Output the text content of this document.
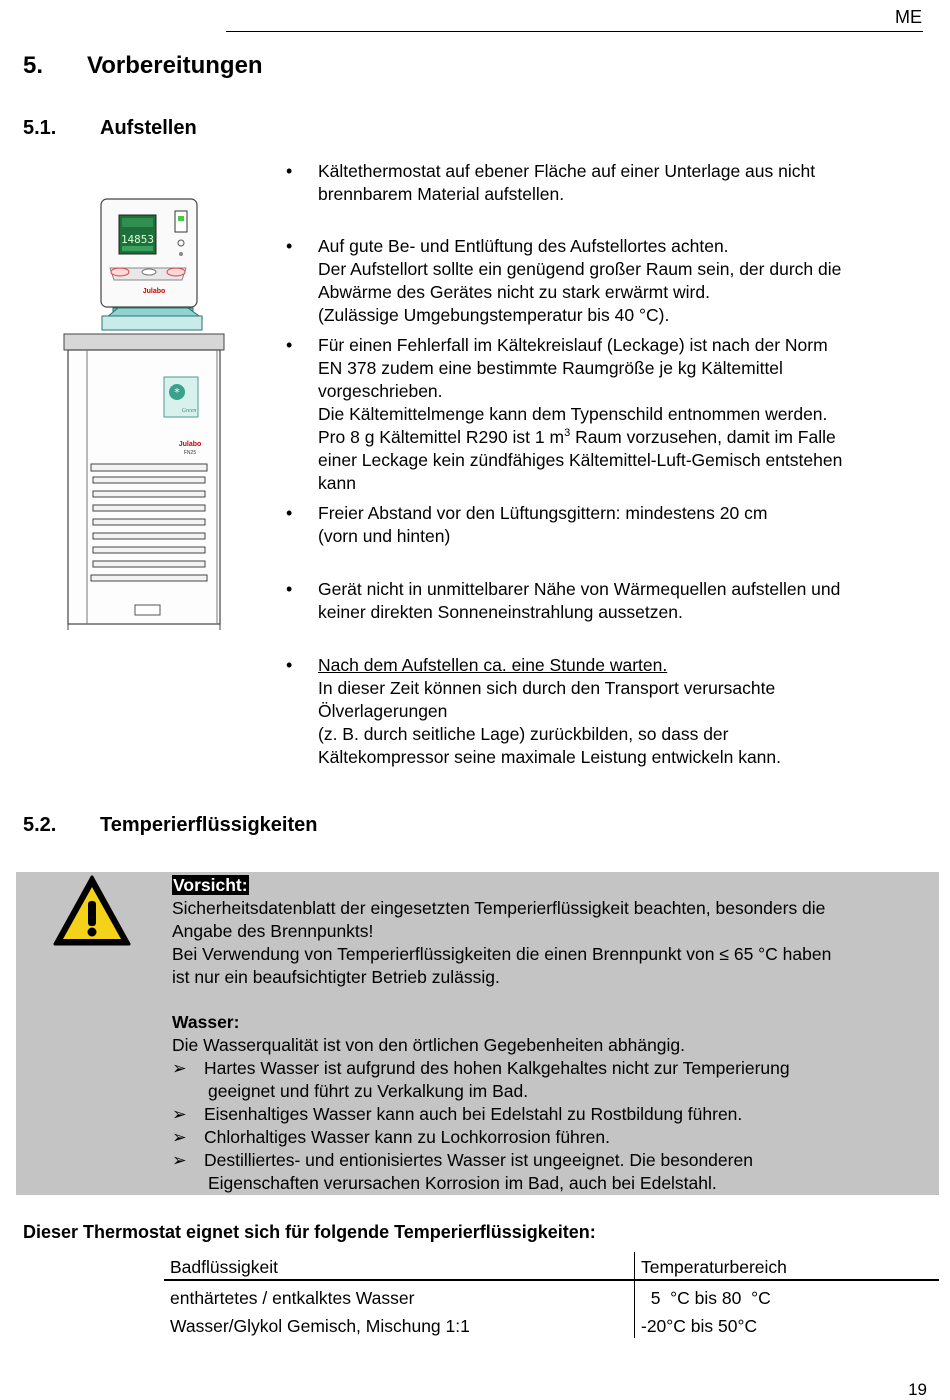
ME
5. Vorbereitungen
5.1. Aufstellen
14853
Julabo
*
Green
Julabo
FN25
• Kältethermostat auf ebener Fläche auf einer Unterlage aus nicht
brennbarem Material aufstellen.
• Auf gute Be- und Entlüftung des Aufstellortes achten.
Der Aufstellort sollte ein genügend großer Raum sein, der durch die
Abwärme des Gerätes nicht zu stark erwärmt wird.
(Zulässige Umgebungstemperatur bis 40 °C).
• Für einen Fehlerfall im Kältekreislauf (Leckage) ist nach der Norm
EN 378 zudem eine bestimmte Raumgröße je kg Kältemittel
vorgeschrieben.
Die Kältemittelmenge kann dem Typenschild entnommen werden.
Pro 8 g Kältemittel R290 ist 1 $m^3$ Raum vorzusehen, damit im Falle
einer Leckage kein zündfähiges Kältemittel-Luft-Gemisch entstehen
kann
• Freier Abstand vor den Lüftungsgittern: mindestens 20 cm
(vorn und hinten)
• Gerät nicht in unmittelbarer Nähe von Wärmequellen aufstellen und
keiner direkten Sonneneinstrahlung aussetzen.
• Nach dem Aufstellen ca. eine Stunde warten.
In dieser Zeit können sich durch den Transport verursachte
Ölverlagerungen
(z. B. durch seitliche Lage) zurückbilden, so dass der
Kältekompressor seine maximale Leistung entwickeln kann.
5.2. Temperierflüssigkeiten
Vorsicht:
Sicherheitsdatenblatt der eingesetzten Temperierflüssigkeit beachten, besonders die
Angabe des Brennpunkts!
Bei Verwendung von Temperierflüssigkeiten die einen Brennpunkt von ≤ 65 °C haben
ist nur ein beaufsichtigter Betrieb zulässig.
Wasser:
Die Wasserqualität ist von den örtlichen Gegebenheiten abhängig.
➢ Hartes Wasser ist aufgrund des hohen Kalkgehaltes nicht zur Temperierung
geeignet und führt zu Verkalkung im Bad.
➢ Eisenhaltiges Wasser kann auch bei Edelstahl zu Rostbildung führen.
➢ Chlorhaltiges Wasser kann zu Lochkorrosion führen.
➢ Destilliertes- und entionisiertes Wasser ist ungeeignet. Die besonderen
Eigenschaften verursachen Korrosion im Bad, auch bei Edelstahl.
Dieser Thermostat eignet sich für folgende Temperierflüssigkeiten:
Badflüssigkeit	Temperaturbereich
enthärtetes / entkalktes Wasser	5  °C bis 80  °C
Wasser/Glykol Gemisch, Mischung 1:1	-20°C bis 50°C
19
